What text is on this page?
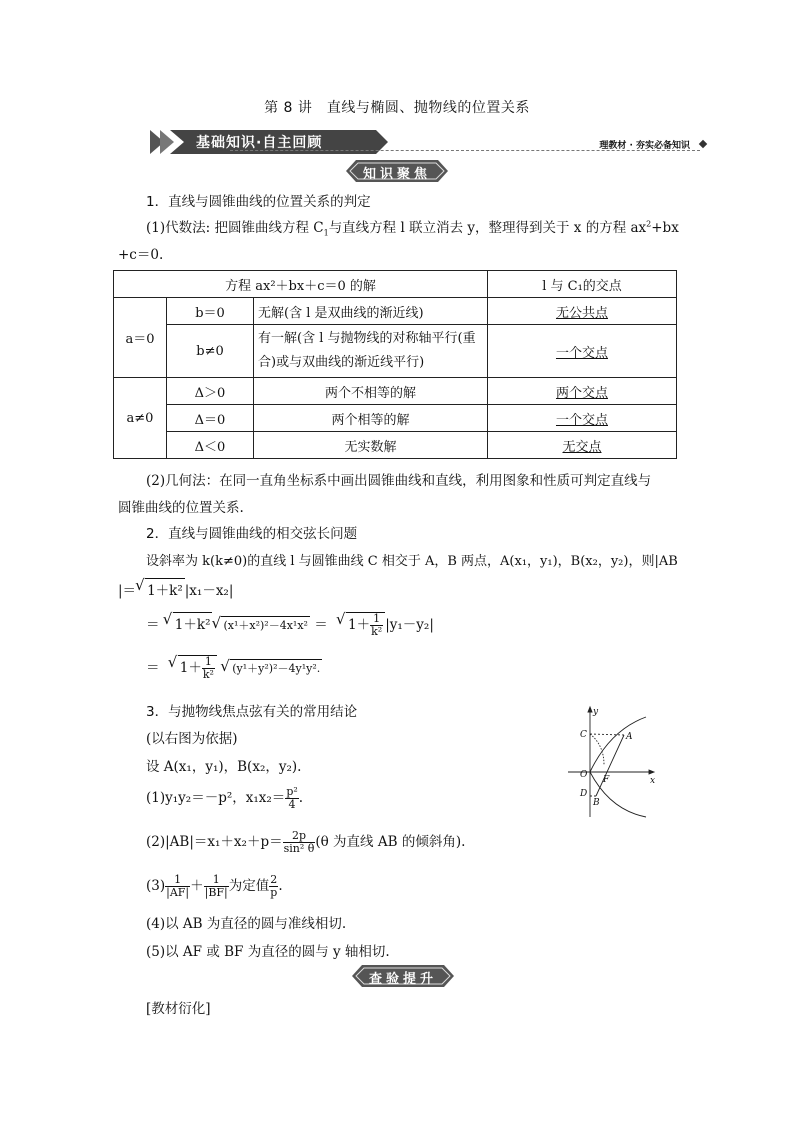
第 8 讲　直线与椭圆、抛物线的位置关系
基础知识·自主回顾	理教材 · 夯实必备知识
知识聚焦
1．直线与圆锥曲线的位置关系的判定
(1)代数法: 把圆锥曲线方程 $C_1$与直线方程 l 联立消去 y，整理得到关于 x 的方程 $ax^2+bx$
+c＝0.
方程 ax²＋bx＋c＝0 的解			l 与 C₁的交点
a＝0	b＝0	无解(含 l 是双曲线的渐近线)	无公共点
	b≠0	有一解(含 l 与抛物线的对称轴平行(重合)或与双曲线的渐近线平行)	一个交点
a≠0	Δ＞0	两个不相等的解	两个交点
	Δ＝0	两个相等的解	一个交点
	Δ＜0	无实数解	无交点
(2)几何法：在同一直角坐标系中画出圆锥曲线和直线，利用图象和性质可判定直线与
圆锥曲线的位置关系.
2．直线与圆锥曲线的相交弦长问题
设斜率为 k(k≠0)的直线 l 与圆锥曲线 C 相交于 A，B 两点，A(x₁，y₁)，B(x₂，y₂)，则|AB
|＝ √ 1＋k² |x₁－x₂|
＝ √ 1＋k² √ (x¹＋x²)²－4x¹x² ＝ √ $1+ \frac{1}{\text{k²}} |y_1-y_2|$
＝ √ $1+ \frac{1}{\text{k²}}$ √ (y¹＋y²)²－4y¹y².
3．与抛物线焦点弦有关的常用结论
(以右图为依据)
设 A(x₁，y₁)，B(x₂，y₂).
(1)y₁y₂＝－p²，$x_1x_2= \frac{\text{p²}}{4}$ .
$(2)|AB|=x_1+x_2+p= \frac{2p}{\text{sin² θ}} (\theta$ 为直线 AB 的倾斜角).
$(3) \frac{1}{|AF|} + \frac{1}{|BF|}$ 为定值 $\frac{2}{p}$ .
(4)以 AB 为直径的圆与准线相切.
(5)以 AF 或 BF 为直径的圆与 y 轴相切.
y
x
C	A
O F
D
B
查验提升
[教材衍化]
